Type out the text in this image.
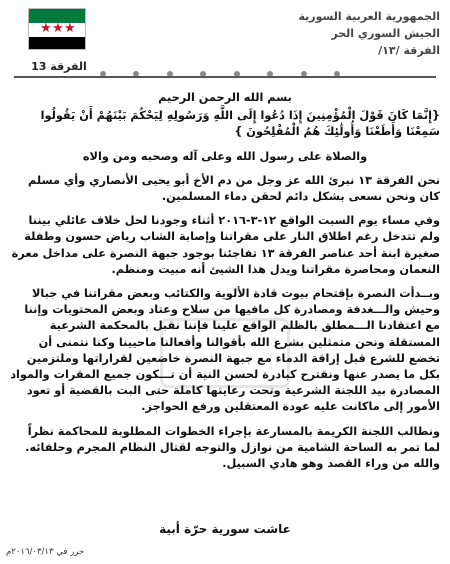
الجمهورية العربية السورية
الجيش السوري الحر
الفرقة /١٣/
★ ★ ★
الفرقة 13

بسم الله الرحمن الرحيم

{إِنَّمَا كَانَ قَوْلَ الْمُؤْمِنِينَ إِذَا دُعُوا إِلَى اللَّهِ وَرَسُولِهِ لِيَحْكُمَ بَيْنَهُمْ أَنْ يَقُولُوا سَمِعْنَا وَأَطَعْنَا وَأُولَٰئِكَ هُمُ الْمُفْلِحُونَ }

والصلاة على رسول الله وعلى آله وصحبه ومن والاه

نحن الفرقة ١٣ نبرئ الله عز وجل من دم الأخ أبو يحيى الأنصاري وأي مسلم كان ونحن نسعى بشكل دائم لحقن دماء المسلمين.

وفي مساء يوم السبت الواقع ١٢-٣-٢٠١٦ أثناء وجودنا لحل خلاف عائلي بيننا ولم تتدخل رغم اطلاق النار على مقراتنا وإصابة الشاب رياض حسون وطفلة صغيرة ابنة أحد عناصر الفرقة ١٣ تفاجئنا بوجود جبهة النصرة على مداخل معرة النعمان ومحاصرة مقراتنا ويدل هذا الشيئ أنه مبيت ومنظم.

وبــدأت النصرة بإقتحام بيوت قادة الألوية والكتائب وبعض مقراتنا في جبالا وحيش والـــغدفة ومصادرة كل مافيها من سلاح وعتاد وبعض المحتويات وإننا مع اعتقادنا الـــمطلق بالظلم الواقع علينا فإننا نقبل بالمحكمة الشرعية المستقلة ونحن متمثلين بشرع الله بأقوالنا وأفعالنا ماحيينا وكنا نتمنى أن تخضع للشرع قبل إراقة الدماء مع جبهة النصرة خاضعين لقراراتها وملتزمين بكل ما يصدر عنها ونقترح كبادرة لحسن النية أن تـــكون جميع المقرات والمواد المصادرة بيد اللجنة الشرعية وتحت رعايتها كاملة حتى البت بالقضية أو تعود الأمور إلى ماكانت عليه عودة المعتقلين ورفع الحواجز.

ونطالب اللجنة الكريمة بالمسارعة بإجراء الخطوات المطلوبة للمحاكمة نظراً لما تمر به الساحة الشامية من نوازل والتوجه لقتال النظام المجرم وحلفائه.

والله من وراء القصد وهو هادي السبيل.

عاشت سورية حرّة أبية
حرر في ٢٠١٦/٠٣/١٣م
